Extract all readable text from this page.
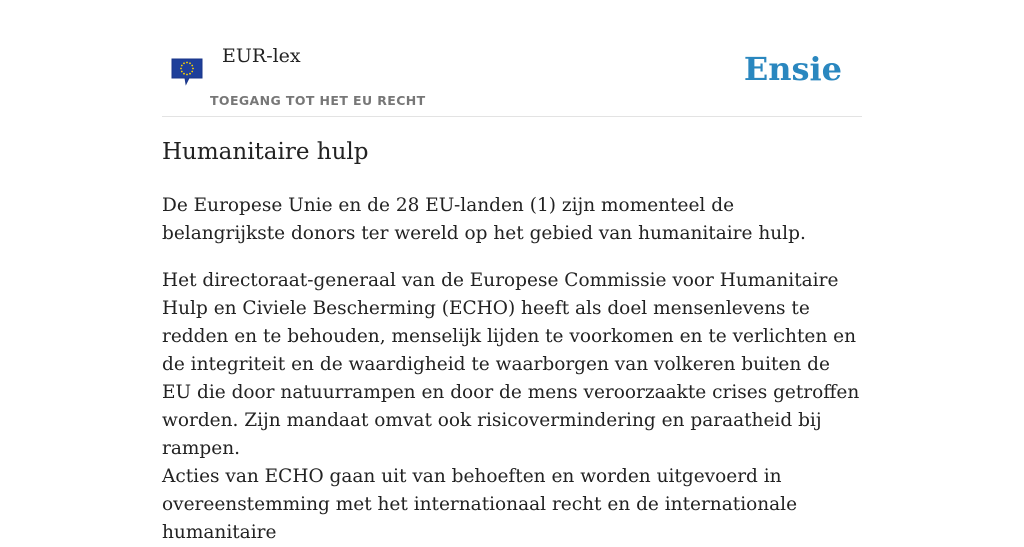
EUR-lex
TOEGANG TOT HET EU RECHT
Ensie
Humanitaire hulp

De Europese Unie en de 28 EU-landen (1) zijn momenteel de belangrijkste donors ter wereld op het gebied van humanitaire hulp.

Het directoraat-generaal van de Europese Commissie voor Humanitaire Hulp en Civiele Bescherming (ECHO) heeft als doel mensenlevens te redden en te behouden, menselijk lijden te voorkomen en te verlichten en de integriteit en de waardigheid te waarborgen van volkeren buiten de EU die door natuurrampen en door de mens veroorzaakte crises getroffen worden. Zijn mandaat omvat ook risicovermindering en paraatheid bij rampen.

Acties van ECHO gaan uit van behoeften en worden uitgevoerd in overeenstemming met het internationaal recht en de internationale humanitaire
